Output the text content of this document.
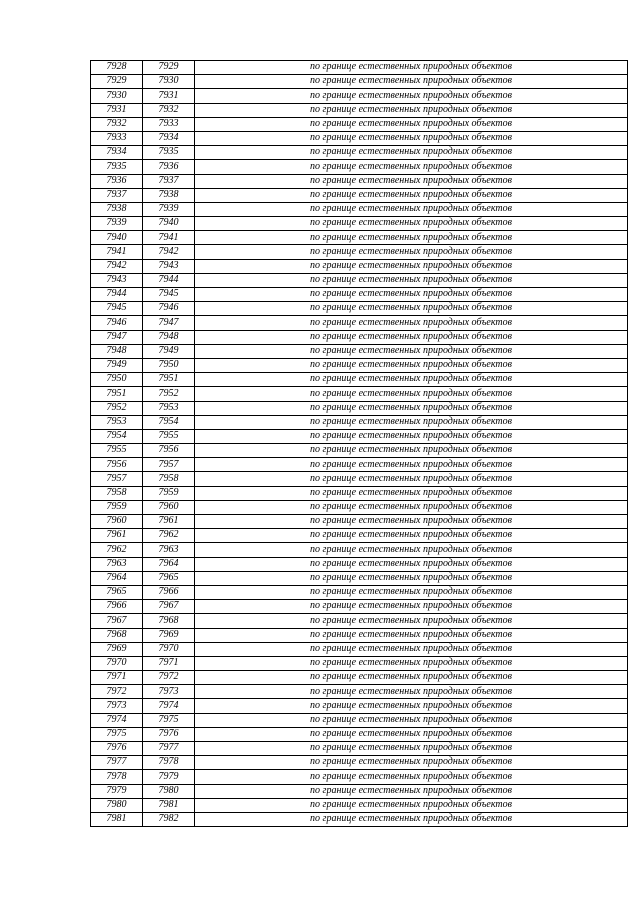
7928	7929	по границе естественных природных объектов
7929	7930	по границе естественных природных объектов
7930	7931	по границе естественных природных объектов
7931	7932	по границе естественных природных объектов
7932	7933	по границе естественных природных объектов
7933	7934	по границе естественных природных объектов
7934	7935	по границе естественных природных объектов
7935	7936	по границе естественных природных объектов
7936	7937	по границе естественных природных объектов
7937	7938	по границе естественных природных объектов
7938	7939	по границе естественных природных объектов
7939	7940	по границе естественных природных объектов
7940	7941	по границе естественных природных объектов
7941	7942	по границе естественных природных объектов
7942	7943	по границе естественных природных объектов
7943	7944	по границе естественных природных объектов
7944	7945	по границе естественных природных объектов
7945	7946	по границе естественных природных объектов
7946	7947	по границе естественных природных объектов
7947	7948	по границе естественных природных объектов
7948	7949	по границе естественных природных объектов
7949	7950	по границе естественных природных объектов
7950	7951	по границе естественных природных объектов
7951	7952	по границе естественных природных объектов
7952	7953	по границе естественных природных объектов
7953	7954	по границе естественных природных объектов
7954	7955	по границе естественных природных объектов
7955	7956	по границе естественных природных объектов
7956	7957	по границе естественных природных объектов
7957	7958	по границе естественных природных объектов
7958	7959	по границе естественных природных объектов
7959	7960	по границе естественных природных объектов
7960	7961	по границе естественных природных объектов
7961	7962	по границе естественных природных объектов
7962	7963	по границе естественных природных объектов
7963	7964	по границе естественных природных объектов
7964	7965	по границе естественных природных объектов
7965	7966	по границе естественных природных объектов
7966	7967	по границе естественных природных объектов
7967	7968	по границе естественных природных объектов
7968	7969	по границе естественных природных объектов
7969	7970	по границе естественных природных объектов
7970	7971	по границе естественных природных объектов
7971	7972	по границе естественных природных объектов
7972	7973	по границе естественных природных объектов
7973	7974	по границе естественных природных объектов
7974	7975	по границе естественных природных объектов
7975	7976	по границе естественных природных объектов
7976	7977	по границе естественных природных объектов
7977	7978	по границе естественных природных объектов
7978	7979	по границе естественных природных объектов
7979	7980	по границе естественных природных объектов
7980	7981	по границе естественных природных объектов
7981	7982	по границе естественных природных объектов
